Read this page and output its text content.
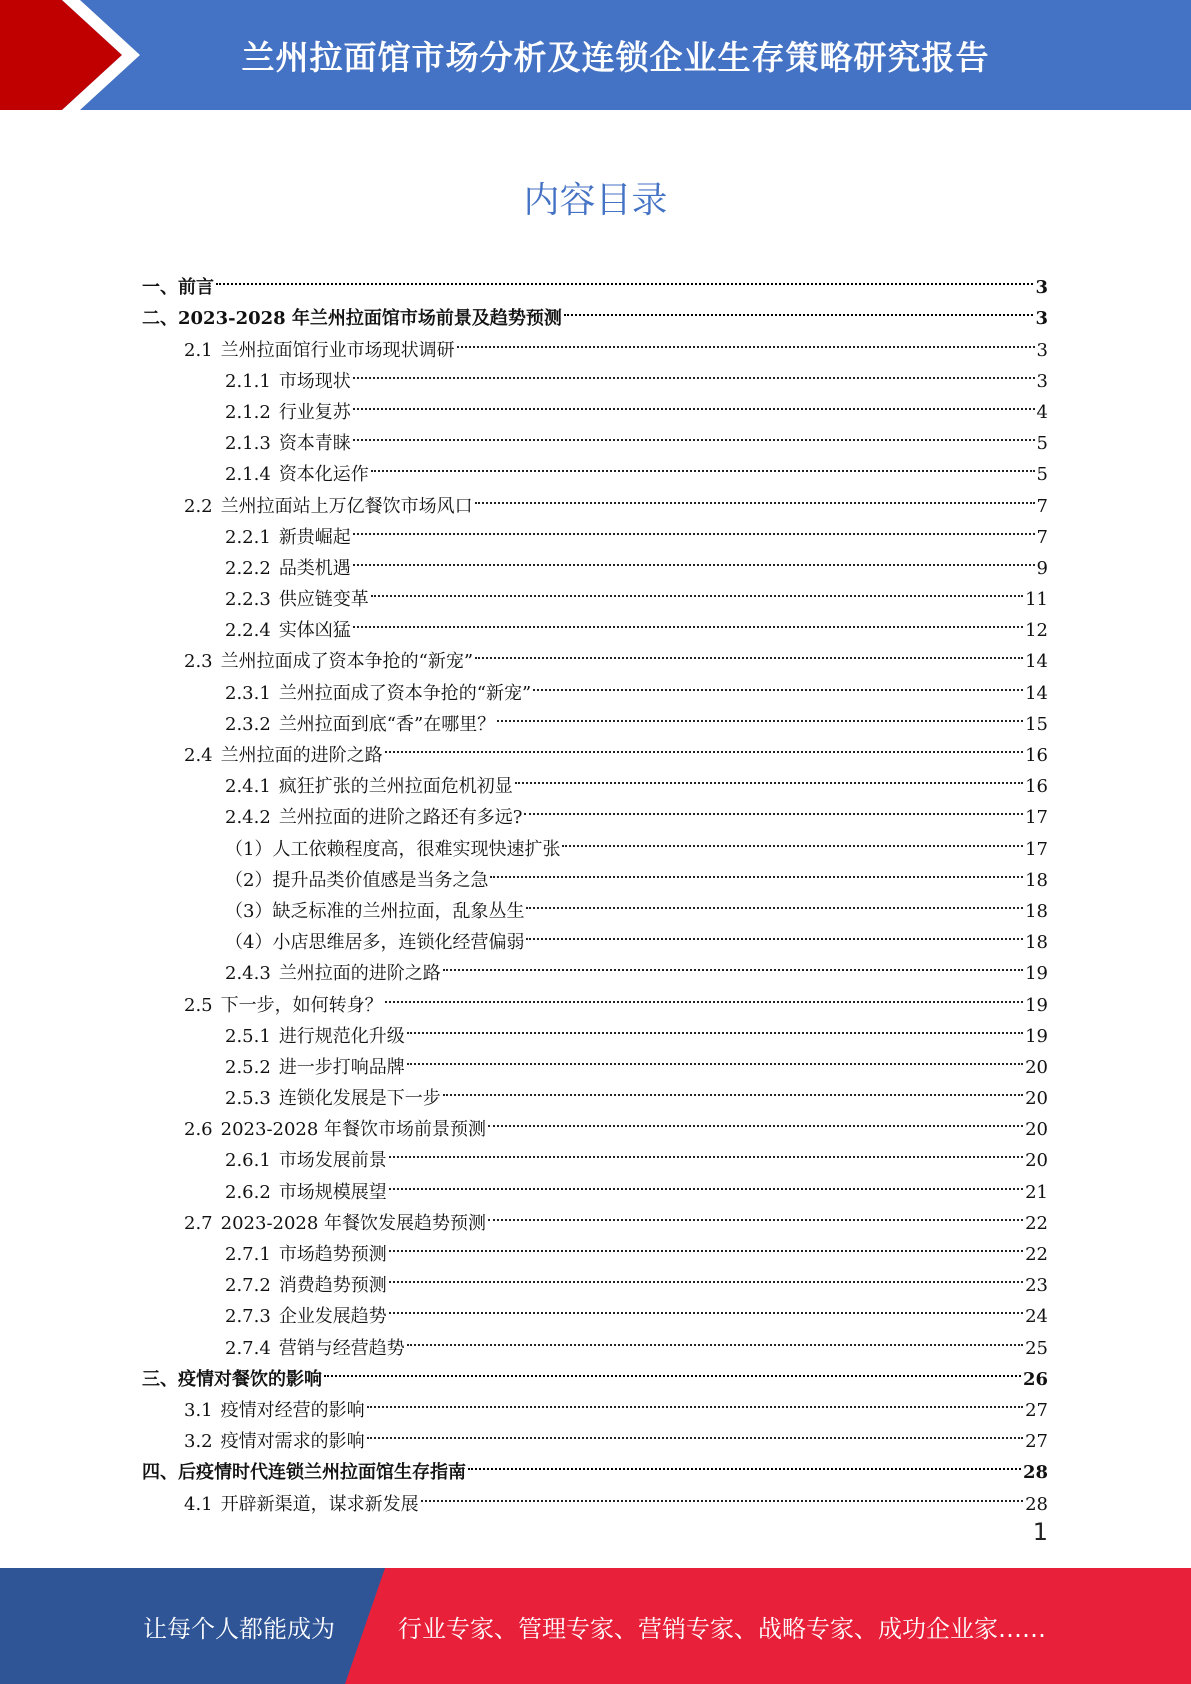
兰州拉面馆市场分析及连锁企业生存策略研究报告
内容目录
一、 前言	3
二、 2023-2028 年兰州拉面馆市场前景及趋势预测	3
2.1 兰州拉面馆行业市场现状调研	3
2.1.1 市场现状	3
2.1.2 行业复苏	4
2.1.3 资本青睐	5
2.1.4 资本化运作	5
2.2 兰州拉面站上万亿餐饮市场风口	7
2.2.1 新贵崛起	7
2.2.2 品类机遇	9
2.2.3 供应链变革	11
2.2.4 实体凶猛	12
2.3 兰州拉面成了资本争抢的“新宠”	14
2.3.1 兰州拉面成了资本争抢的“新宠”	14
2.3.2 兰州拉面到底“香”在哪里？	15
2.4 兰州拉面的进阶之路	16
2.4.1 疯狂扩张的兰州拉面危机初显	16
2.4.2 兰州拉面的进阶之路还有多远?	17
（1） 人工依赖程度高，很难实现快速扩张	17
（2） 提升品类价值感是当务之急	18
（3） 缺乏标准的兰州拉面，乱象丛生	18
（4） 小店思维居多，连锁化经营偏弱	18
2.4.3 兰州拉面的进阶之路	19
2.5 下一步，如何转身？	19
2.5.1 进行规范化升级	19
2.5.2 进一步打响品牌	20
2.5.3 连锁化发展是下一步	20
2.6 2023-2028 年餐饮市场前景预测	20
2.6.1 市场发展前景	20
2.6.2 市场规模展望	21
2.7 2023-2028 年餐饮发展趋势预测	22
2.7.1 市场趋势预测	22
2.7.2 消费趋势预测	23
2.7.3 企业发展趋势	24
2.7.4 营销与经营趋势	25
三、 疫情对餐饮的影响	26
3.1 疫情对经营的影响	27
3.2 疫情对需求的影响	27
四、 后疫情时代连锁兰州拉面馆生存指南	28
4.1 开辟新渠道，谋求新发展	28
1
让每个人都能成为	行业专家、管理专家、营销专家、战略专家、成功企业家……
